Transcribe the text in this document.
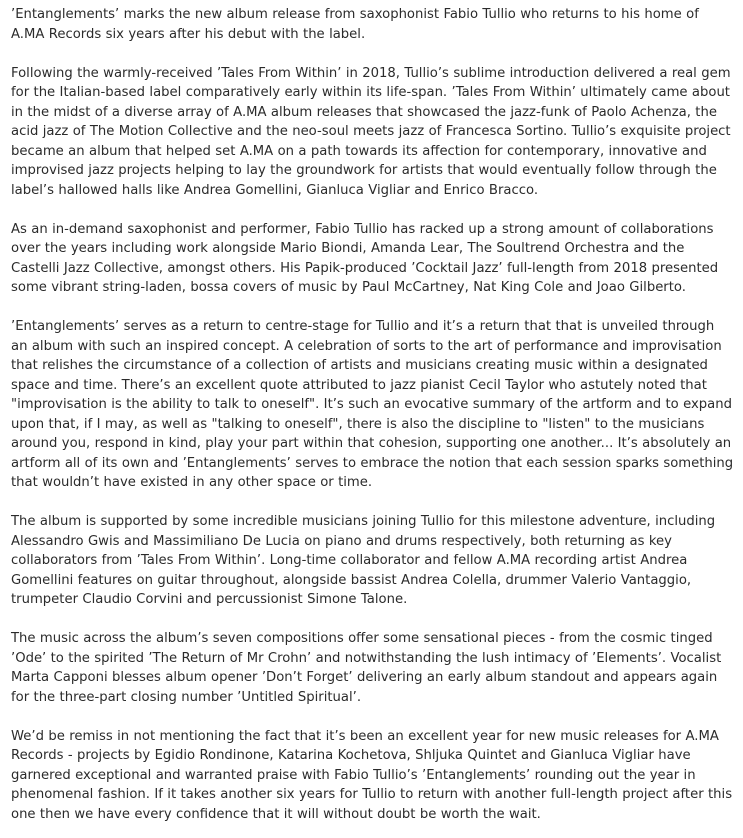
’Entanglements’ marks the new album release from saxophonist Fabio Tullio who returns to his home of A.MA Records six years after his debut with the label.

Following the warmly-received ’Tales From Within’ in 2018, Tullio’s sublime introduction delivered a real gem for the Italian-based label comparatively early within its life-span. ’Tales From Within’ ultimately came about in the midst of a diverse array of A.MA album releases that showcased the jazz-funk of Paolo Achenza, the acid jazz of The Motion Collective and the neo-soul meets jazz of Francesca Sortino. Tullio’s exquisite project became an album that helped set A.MA on a path towards its affection for contemporary, innovative and improvised jazz projects helping to lay the groundwork for artists that would eventually follow through the label’s hallowed halls like Andrea Gomellini, Gianluca Vigliar and Enrico Bracco.

As an in-demand saxophonist and performer, Fabio Tullio has racked up a strong amount of collaborations over the years including work alongside Mario Biondi, Amanda Lear, The Soultrend Orchestra and the Castelli Jazz Collective, amongst others. His Papik-produced ’Cocktail Jazz’ full-length from 2018 presented some vibrant string-laden, bossa covers of music by Paul McCartney, Nat King Cole and Joao Gilberto.

’Entanglements’ serves as a return to centre-stage for Tullio and it’s a return that that is unveiled through an album with such an inspired concept. A celebration of sorts to the art of performance and improvisation that relishes the circumstance of a collection of artists and musicians creating music within a designated space and time. There’s an excellent quote attributed to jazz pianist Cecil Taylor who astutely noted that "improvisation is the ability to talk to oneself". It’s such an evocative summary of the artform and to expand upon that, if I may, as well as "talking to oneself", there is also the discipline to "listen" to the musicians around you, respond in kind, play your part within that cohesion, supporting one another... It’s absolutely an artform all of its own and ’Entanglements’ serves to embrace the notion that each session sparks something that wouldn’t have existed in any other space or time.

The album is supported by some incredible musicians joining Tullio for this milestone adventure, including Alessandro Gwis and Massimiliano De Lucia on piano and drums respectively, both returning as key collaborators from ’Tales From Within’. Long-time collaborator and fellow A.MA recording artist Andrea Gomellini features on guitar throughout, alongside bassist Andrea Colella, drummer Valerio Vantaggio, trumpeter Claudio Corvini and percussionist Simone Talone.

The music across the album’s seven compositions offer some sensational pieces - from the cosmic tinged ’Ode’ to the spirited ’The Return of Mr Crohn’ and notwithstanding the lush intimacy of ’Elements’. Vocalist Marta Capponi blesses album opener ’Don’t Forget’ delivering an early album standout and appears again for the three-part closing number ’Untitled Spiritual’.

We’d be remiss in not mentioning the fact that it’s been an excellent year for new music releases for A.MA Records - projects by Egidio Rondinone, Katarina Kochetova, Shljuka Quintet and Gianluca Vigliar have garnered exceptional and warranted praise with Fabio Tullio’s ’Entanglements’ rounding out the year in phenomenal fashion. If it takes another six years for Tullio to return with another full-length project after this one then we have every confidence that it will without doubt be worth the wait.
